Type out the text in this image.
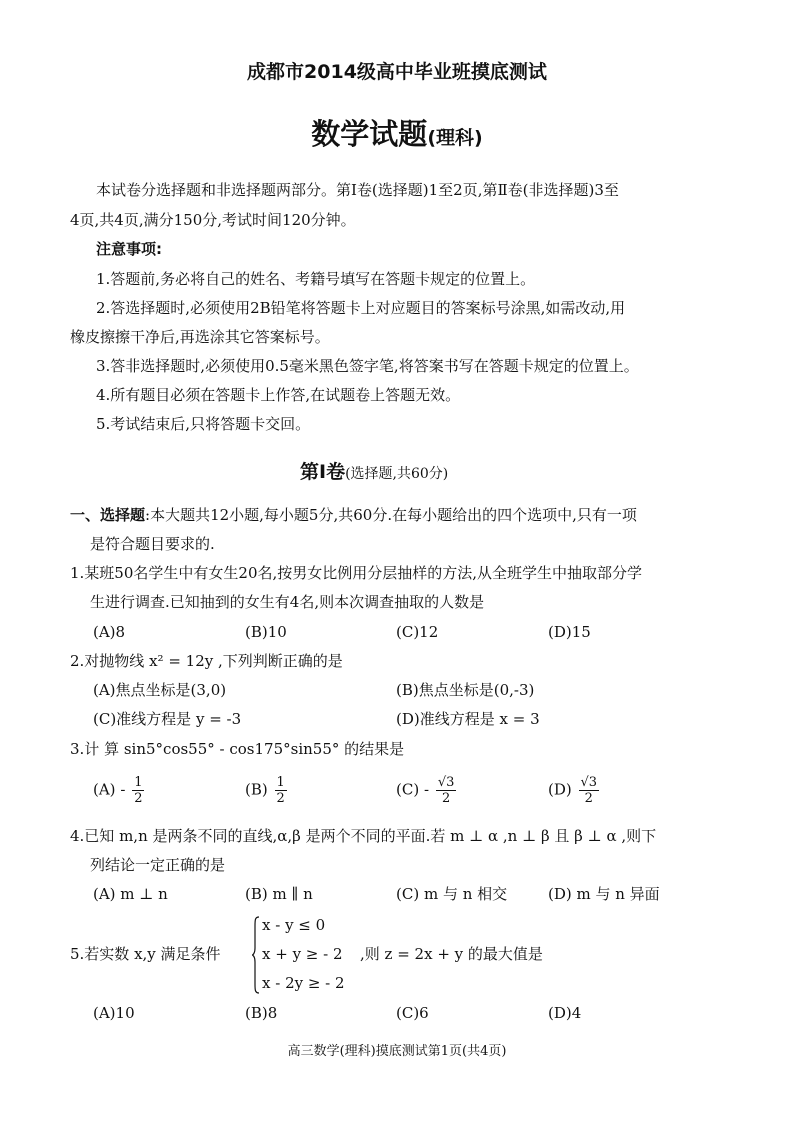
成都市2014级高中毕业班摸底测试
数学试题(理科)
本试卷分选择题和非选择题两部分。第Ⅰ卷(选择题)1至2页,第Ⅱ卷(非选择题)3至
4页,共4页,满分150分,考试时间120分钟。
注意事项:
1.答题前,务必将自己的姓名、考籍号填写在答题卡规定的位置上。
2.答选择题时,必须使用2B铅笔将答题卡上对应题目的答案标号涂黑,如需改动,用
橡皮擦擦干净后,再选涂其它答案标号。
3.答非选择题时,必须使用0.5毫米黑色签字笔,将答案书写在答题卡规定的位置上。
4.所有题目必须在答题卡上作答,在试题卷上答题无效。
5.考试结束后,只将答题卡交回。
第Ⅰ卷(选择题,共60分)
一、选择题:本大题共12小题,每小题5分,共60分.在每小题给出的四个选项中,只有一项
是符合题目要求的.
1.某班50名学生中有女生20名,按男女比例用分层抽样的方法,从全班学生中抽取部分学
生进行调查.已知抽到的女生有4名,则本次调查抽取的人数是
(A)8	(B)10	(C)12	(D)15
2.对抛物线 x² = 12y ,下列判断正确的是
(A)焦点坐标是(3,0)	(B)焦点坐标是(0,-3)
(C)准线方程是 y = -3	(D)准线方程是 x = 3
3.计 算 sin5°cos55° - cos175°sin55° 的结果是
$(A) - \frac{1}{2}$	$(B) \frac{1}{2}$	$(C) - \frac{√3}{2}$	$(D) \frac{√3}{2}$
4.已知 m,n 是两条不同的直线,α,β 是两个不同的平面.若 m ⊥ α ,n ⊥ β 且 β ⊥ α ,则下
列结论一定正确的是
(A) m ⊥ n	(B) m ∥ n	(C) m 与 n 相交	(D) m 与 n 异面
5.若实数 x,y 满足条件
x - y ≤ 0
x + y ≥ - 2
x - 2y ≥ - 2
,则 z = 2x + y 的最大值是
(A)10	(B)8	(C)6	(D)4
高三数学(理科)摸底测试第1页(共4页)
